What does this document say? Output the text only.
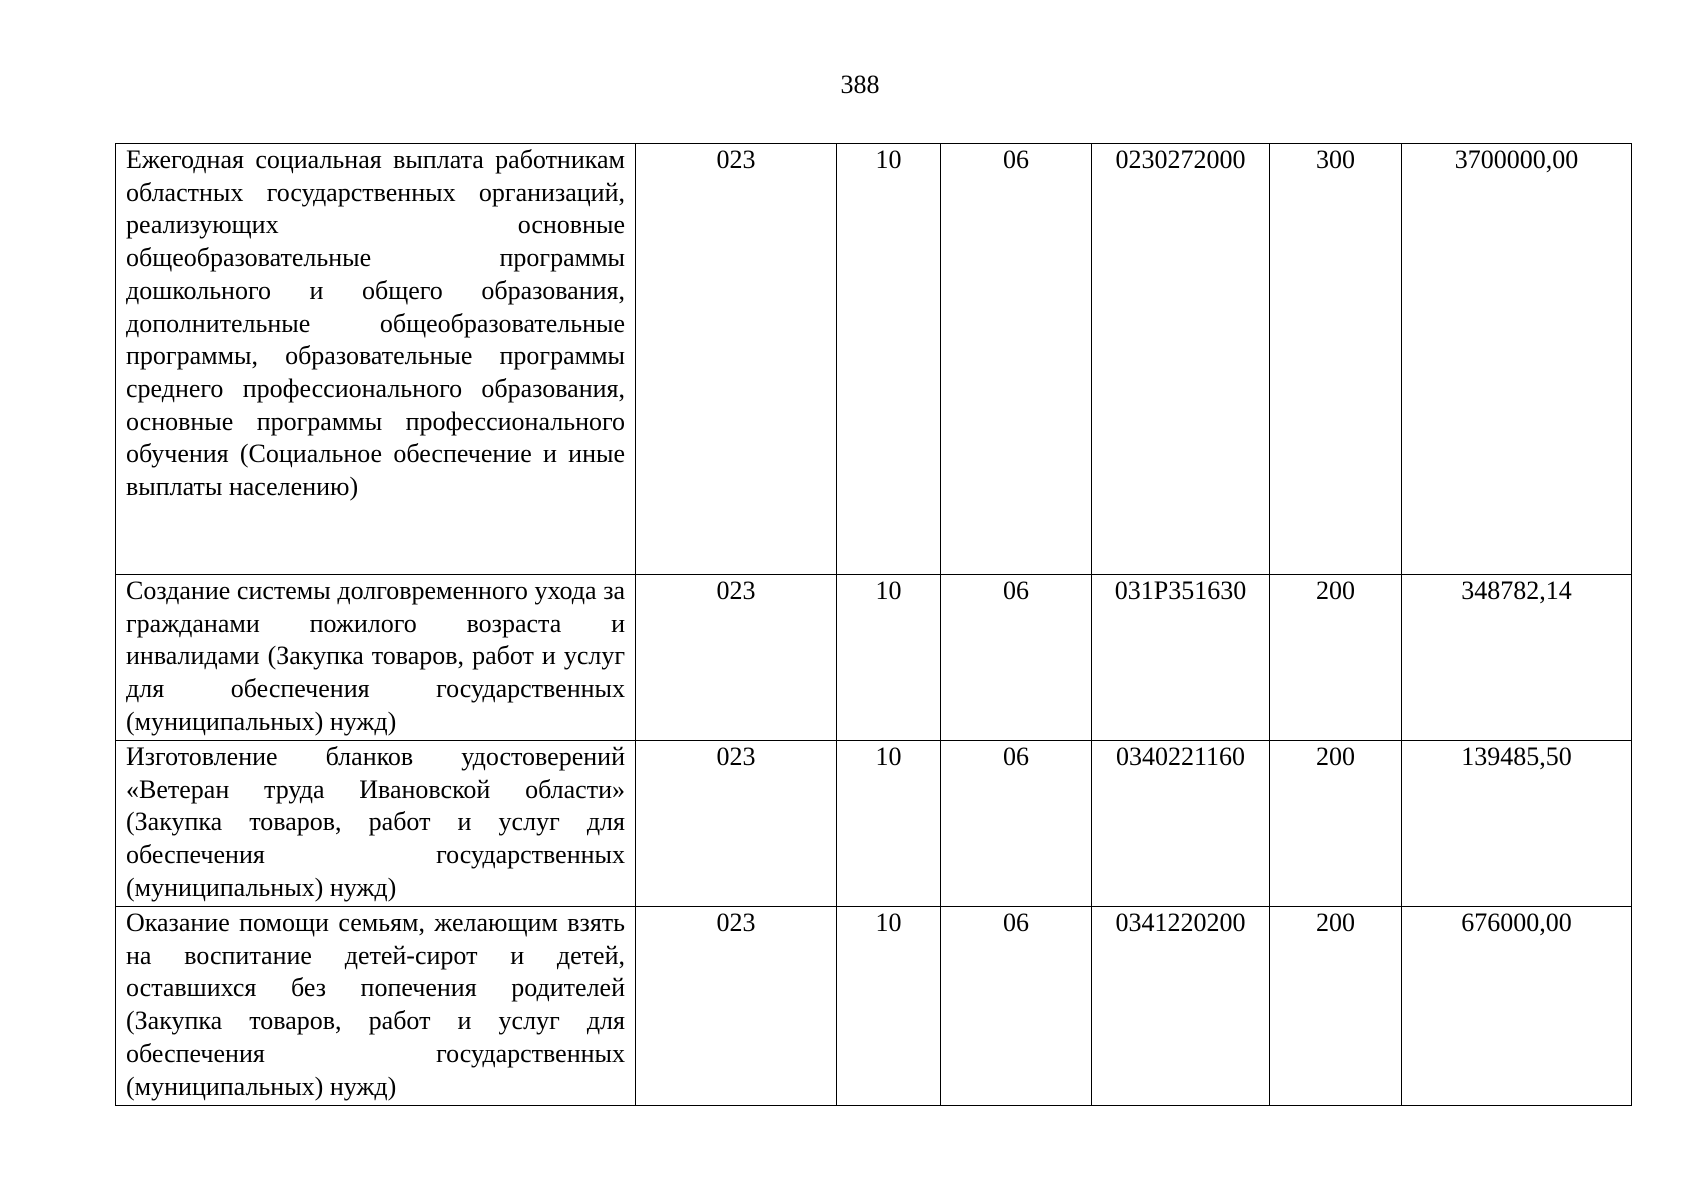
388
Ежегодная социальная выплата работникам областных государственных организаций, реализующих основные общеобразовательные программы дошкольного и общего образования, дополнительные общеобразовательные программы, образовательные программы среднего профессионального образования, основные программы профессионального обучения (Социальное обеспечение и иные выплаты населению)	023	10	06	0230272000	300	3700000,00
Создание системы долговременного ухода за гражданами пожилого возраста и инвалидами (Закупка товаров, работ и услуг для обеспечения государственных (муниципальных) нужд)	023	10	06	031P351630	200	348782,14
Изготовление бланков удостоверений «Ветеран труда Ивановской области» (Закупка товаров, работ и услуг для обеспечения государственных (муниципальных) нужд)	023	10	06	0340221160	200	139485,50
Оказание помощи семьям, желающим взять на воспитание детей-сирот и детей, оставшихся без попечения родителей (Закупка товаров, работ и услуг для обеспечения государственных (муниципальных) нужд)	023	10	06	0341220200	200	676000,00
